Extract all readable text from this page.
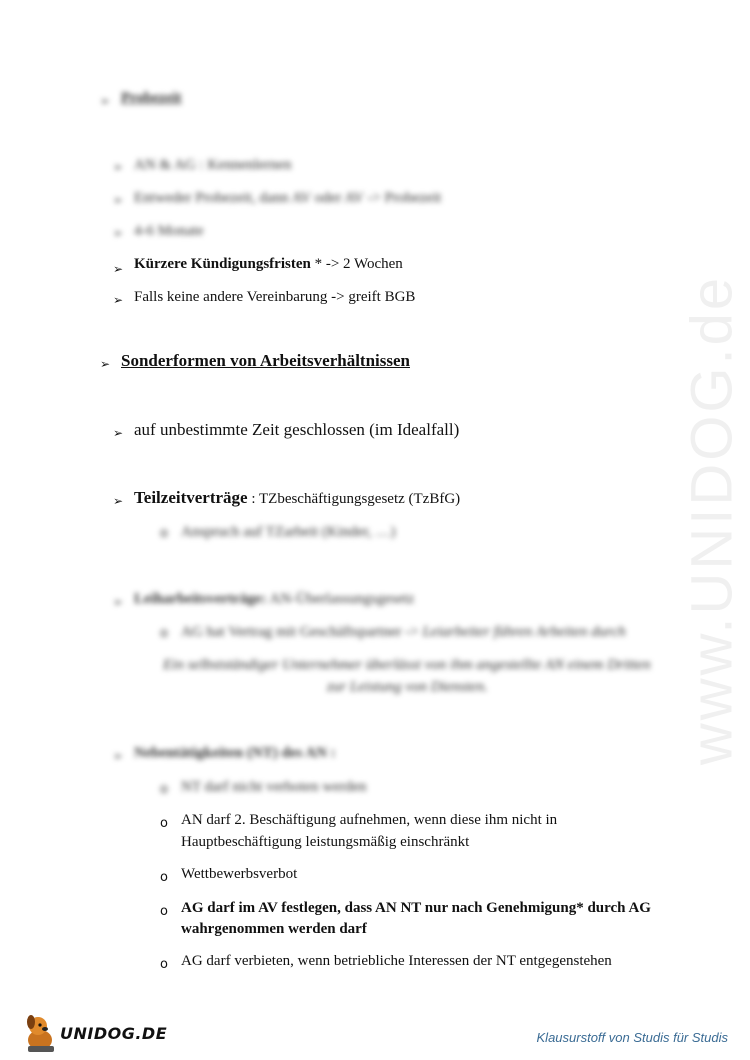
www.UNIDOG.de
➢ Probezeit
➢ AN & AG : Kennenlernen
➢ Entweder Probezeit, dann AV oder AV -> Probezeit
➢ 4-6 Monate
➢ Kürzere Kündigungsfristen * -> 2 Wochen
➢ Falls keine andere Vereinbarung -> greift BGB
➢ Sonderformen von Arbeitsverhältnissen
➢ auf unbestimmte Zeit geschlossen (im Idealfall)
➢ Teilzeitverträge : TZbeschäftigungsgesetz (TzBfG)
o Anspruch auf TZarbeit (Kinder, …)
➢ Leiharbeitsverträge: AN-Überlassungsgesetz
o AG hat Vertrag mit Geschäftspartner -> Leiarbeiter führen Arbeiten durch
Ein selbstständiger Unternehmer überlässt von ihm angestellte AN einem Dritten
zur Leistung von Diensten.
➢ Nebentätigkeiten (NT) des AN :
o NT darf nicht verboten werden
o AN darf 2. Beschäftigung aufnehmen, wenn diese ihm nicht in
Hauptbeschäftigung leistungsmäßig einschränkt
o Wettbewerbsverbot
o AG darf im AV festlegen, dass AN NT nur nach Genehmigung* durch AG
wahrgenommen werden darf
o AG darf verbieten, wenn betriebliche Interessen der NT entgegenstehen
UNIDOG.DE	Klausurstoff von Studis für Studis
